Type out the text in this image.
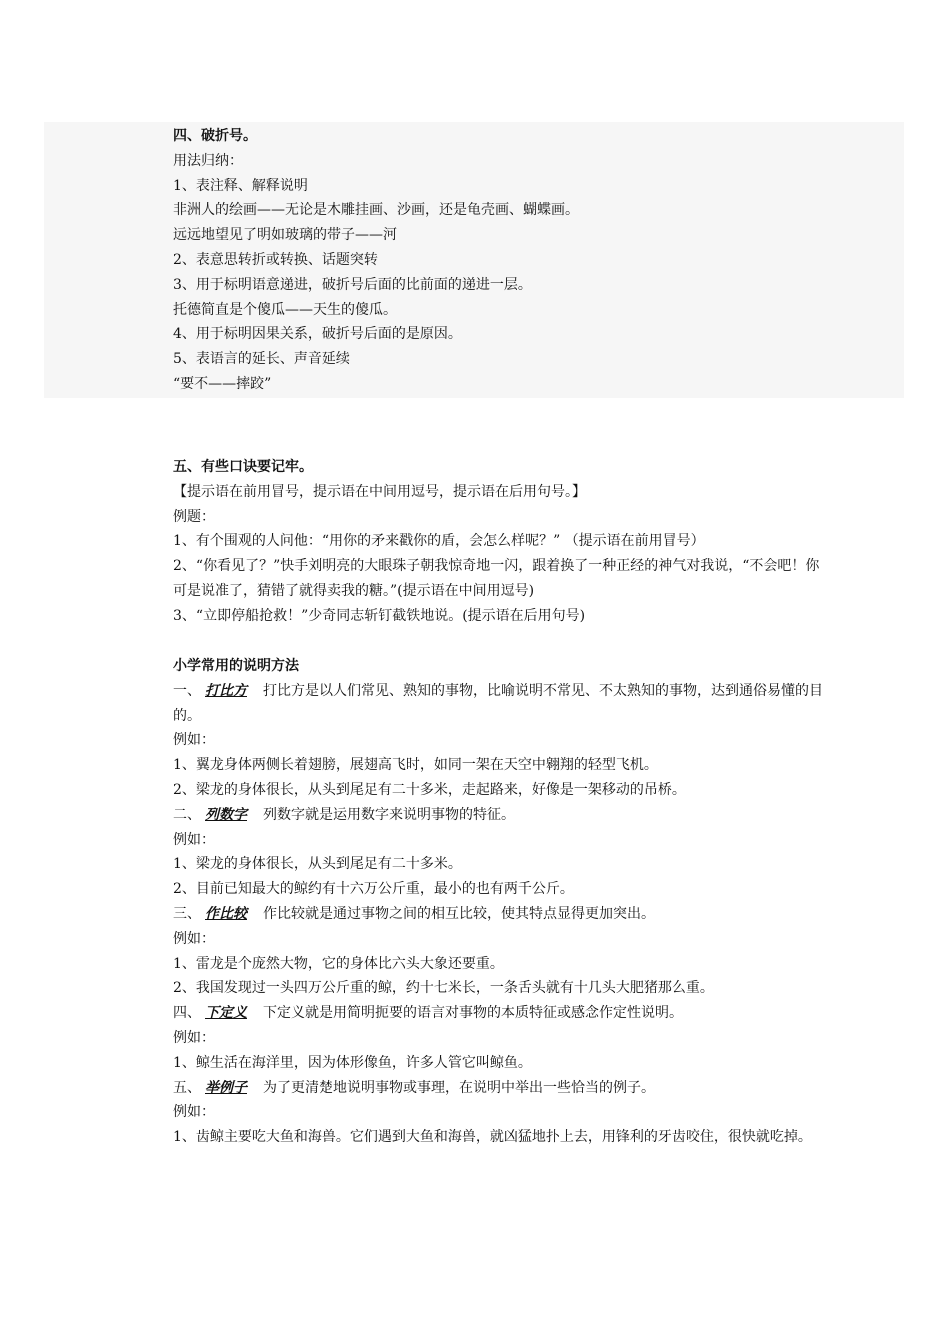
四、破折号。
用法归纳：
1、表注释、解释说明
非洲人的绘画——无论是木雕挂画、沙画，还是龟壳画、蝴蝶画。
远远地望见了明如玻璃的带子——河
2、表意思转折或转换、话题突转
3、用于标明语意递进，破折号后面的比前面的递进一层。
托德简直是个傻瓜——天生的傻瓜。
4、用于标明因果关系，破折号后面的是原因。
5、表语言的延长、声音延续
“要不——摔跤”
五、有些口诀要记牢。
【提示语在前用冒号，提示语在中间用逗号，提示语在后用句号。】
例题：
1、有个围观的人问他：“用你的矛来戳你的盾，会怎么样呢？” （提示语在前用冒号）
2、“你看见了？”快手刘明亮的大眼珠子朝我惊奇地一闪，跟着换了一种正经的神气对我说，“不会吧！你可是说准了，猜错了就得卖我的糖。”(提示语在中间用逗号)
3、“立即停船抢救！”少奇同志斩钉截铁地说。(提示语在后用句号)
小学常用的说明方法
一、 打比方 打比方是以人们常见、熟知的事物，比喻说明不常见、不太熟知的事物，达到通俗易懂的目的。
例如：
1、翼龙身体两侧长着翅膀，展翅高飞时，如同一架在天空中翱翔的轻型飞机。
2、梁龙的身体很长，从头到尾足有二十多米，走起路来，好像是一架移动的吊桥。
二、 列数字 列数字就是运用数字来说明事物的特征。
例如：
1、梁龙的身体很长，从头到尾足有二十多米。
2、目前已知最大的鲸约有十六万公斤重，最小的也有两千公斤。
三、 作比较 作比较就是通过事物之间的相互比较，使其特点显得更加突出。
例如：
1、雷龙是个庞然大物，它的身体比六头大象还要重。
2、我国发现过一头四万公斤重的鲸，约十七米长，一条舌头就有十几头大肥猪那么重。
四、 下定义 下定义就是用简明扼要的语言对事物的本质特征或感念作定性说明。
例如：
1、鲸生活在海洋里，因为体形像鱼，许多人管它叫鲸鱼。
五、 举例子 为了更清楚地说明事物或事理，在说明中举出一些恰当的例子。
例如：
1、齿鲸主要吃大鱼和海兽。它们遇到大鱼和海兽，就凶猛地扑上去，用锋利的牙齿咬住，很快就吃掉。
